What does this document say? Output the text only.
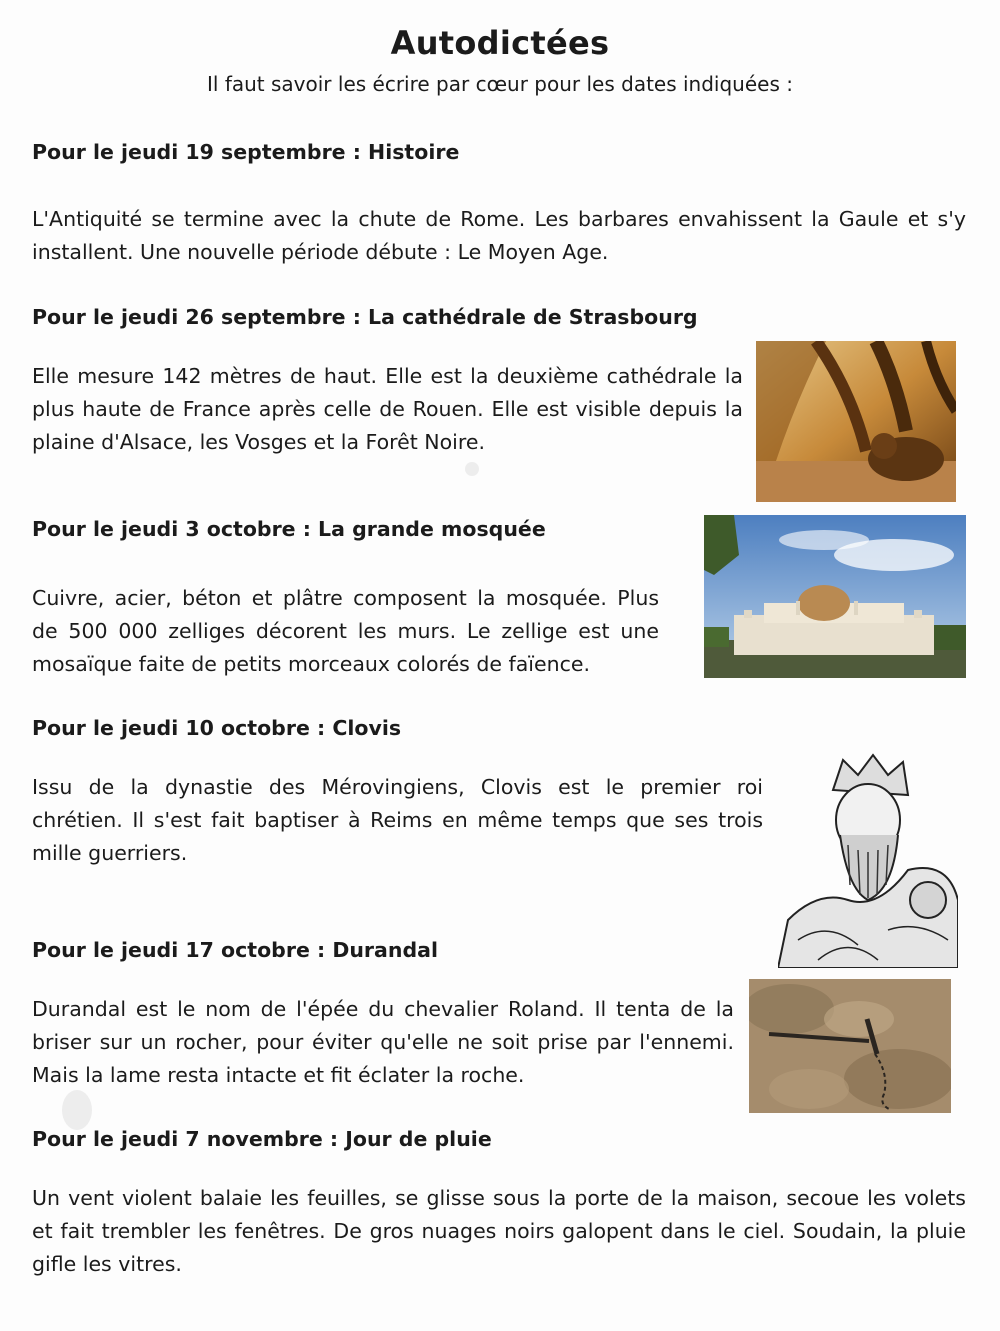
Autodictées
Il faut savoir les écrire par cœur pour les dates indiquées :
Pour le jeudi 19 septembre : Histoire
L'Antiquité se termine avec la chute de Rome. Les barbares envahissent la Gaule et s'y installent. Une nouvelle période débute : Le Moyen Age.
Pour le jeudi 26 septembre : La cathédrale de Strasbourg
Elle mesure 142 mètres de haut. Elle est la deuxième cathédrale la plus haute de France après celle de Rouen. Elle est visible depuis la plaine d'Alsace, les Vosges et la Forêt Noire.
Pour le jeudi 3 octobre : La grande mosquée
Cuivre, acier, béton et plâtre composent la mosquée. Plus de 500 000 zelliges décorent les murs. Le zellige est une mosaïque faite de petits morceaux colorés de faïence.
Pour le jeudi 10 octobre : Clovis
Issu de la dynastie des Mérovingiens, Clovis est le premier roi chrétien. Il s'est fait baptiser à Reims en même temps que ses trois mille guerriers.
Pour le jeudi 17 octobre : Durandal
Durandal est le nom de l'épée du chevalier Roland. Il tenta de la briser sur un rocher, pour éviter qu'elle ne soit prise par l'ennemi. Mais la lame resta intacte et fit éclater la roche.
Pour le jeudi 7 novembre : Jour de pluie
Un vent violent balaie les feuilles, se glisse sous la porte de la maison, secoue les volets et fait trembler les fenêtres. De gros nuages noirs galopent dans le ciel. Soudain, la pluie gifle les vitres.
